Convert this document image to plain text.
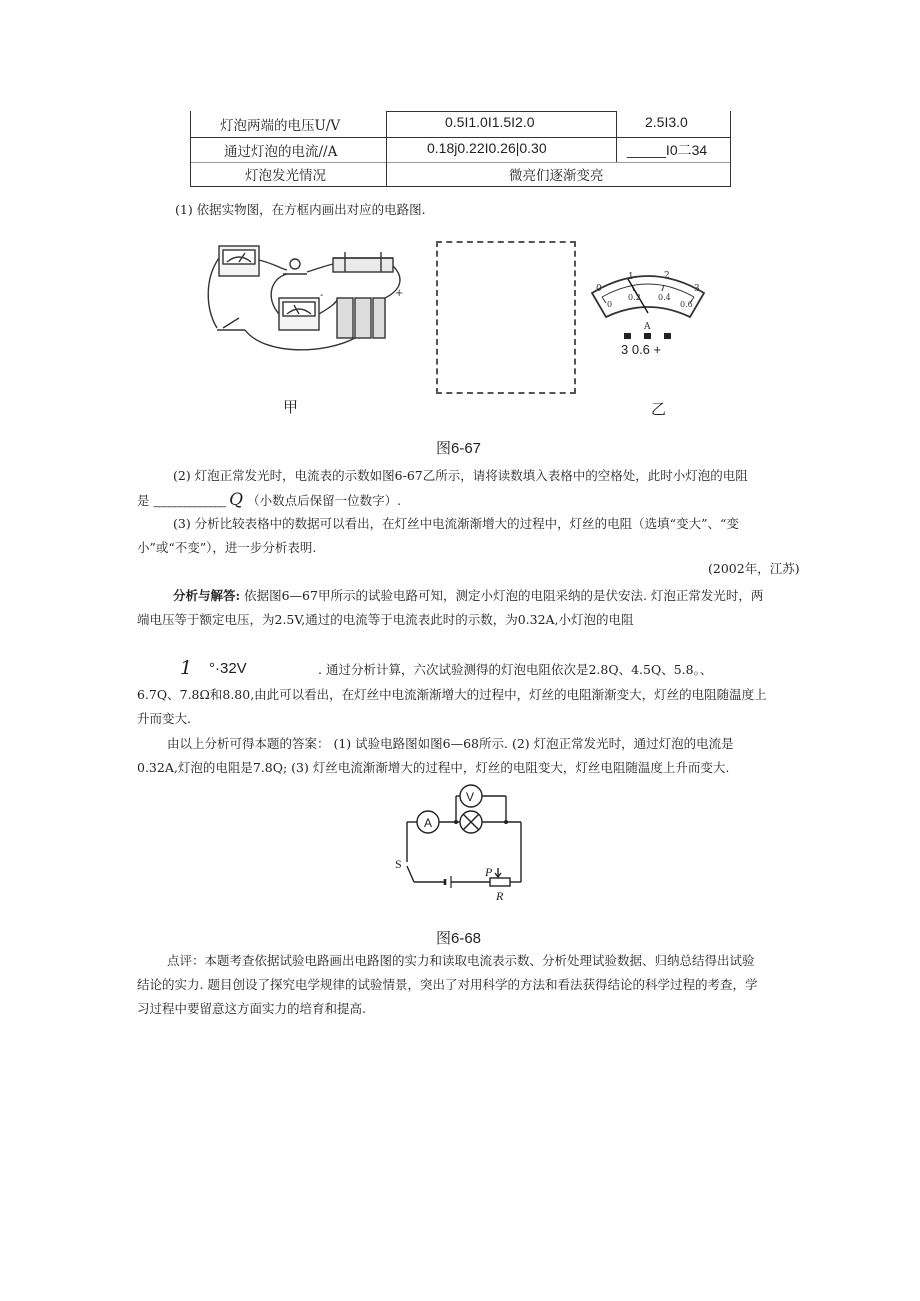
灯泡两端的电压U/V	0.5I1.0I1.5I2.0	2.5I3.0
通过灯泡的电流//A	0.18j0.22I0.26|0.30	_____I0二34
灯泡发光情况	微亮们逐渐变亮
(1) 依据实物图，在方框内画出对应的电路图.
+
-
0
1	2
3
0
0.2 0.4
0.6
A
3 0.6 +
甲	乙
图6-67
(2) 灯泡正常发光时，电流表的示数如图6-67乙所示，请将读数填入表格中的空格处，此时小灯泡的电阻
是 ______________ Q （小数点后保留一位数字）.
(3) 分析比较表格中的数据可以看出，在灯丝中电流渐渐增大的过程中，灯丝的电阻（选填“变大”、“变
小”或“不变”），进一步分析表明.
(2002年，江苏)
分析与解答: 依据图6—67甲所示的试验电路可知，测定小灯泡的电阻采纳的是伏安法. 灯泡正常发光时，两
端电压等于额定电压，为2.5V,通过的电流等于电流表此时的示数，为0.32A,小灯泡的电阻
1 °·32V	. 通过分析计算，六次试验测得的灯泡电阻依次是2.8Q、4.5Q、5.8。、
6.7Q、7.8Ω和8.80,由此可以看出，在灯丝中电流渐渐增大的过程中，灯丝的电阻渐渐变大，灯丝的电阻随温度上
升而变大.
由以上分析可得本题的答案： (1) 试验电路图如图6—68所示. (2) 灯泡正常发光时，通过灯泡的电流是
0.32A,灯泡的电阻是7.8Q; (3) 灯丝电流渐渐增大的过程中，灯丝的电阻变大，灯丝电阻随温度上升而变大.
A
V
S
P
R
图6-68
点评：本题考查依据试验电路画出电路图的实力和读取电流表示数、分析处理试验数据、归纳总结得出试验
结论的实力. 题目创设了探究电学规律的试验情景，突出了对用科学的方法和看法获得结论的科学过程的考查，学
习过程中要留意这方面实力的培育和提高.
